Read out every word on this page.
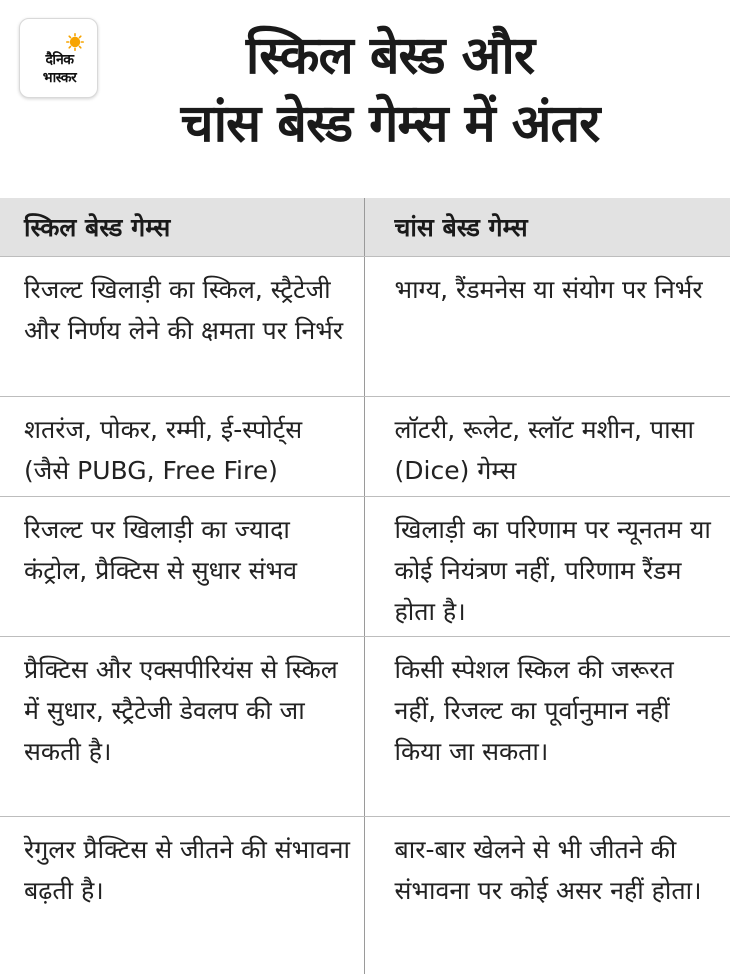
दैनिक
भास्कर	स्किल बेस्ड और
चांस बेस्ड गेम्स में अंतर
स्किल बेस्ड गेम्स	चांस बेस्ड गेम्स
रिजल्ट खिलाड़ी का स्किल, स्ट्रैटेजी और निर्णय लेने की क्षमता पर निर्भर	भाग्य, रैंडमनेस या संयोग पर निर्भर
शतरंज, पोकर, रम्मी, ई-स्पोर्ट्स (जैसे PUBG, Free Fire)	लॉटरी, रूलेट, स्लॉट मशीन, पासा (Dice) गेम्स
रिजल्ट पर खिलाड़ी का ज्यादा कंट्रोल, प्रैक्टिस से सुधार संभव	खिलाड़ी का परिणाम पर न्यूनतम या कोई नियंत्रण नहीं, परिणाम रैंडम होता है।
प्रैक्टिस और एक्सपीरियंस से स्किल में सुधार, स्ट्रैटेजी डेवलप की जा सकती है।	किसी स्पेशल स्किल की जरूरत नहीं, रिजल्ट का पूर्वानुमान नहीं किया जा सकता।
रेगुलर प्रैक्टिस से जीतने की संभावना बढ़ती है।	बार-बार खेलने से भी जीतने की संभावना पर कोई असर नहीं होता।
